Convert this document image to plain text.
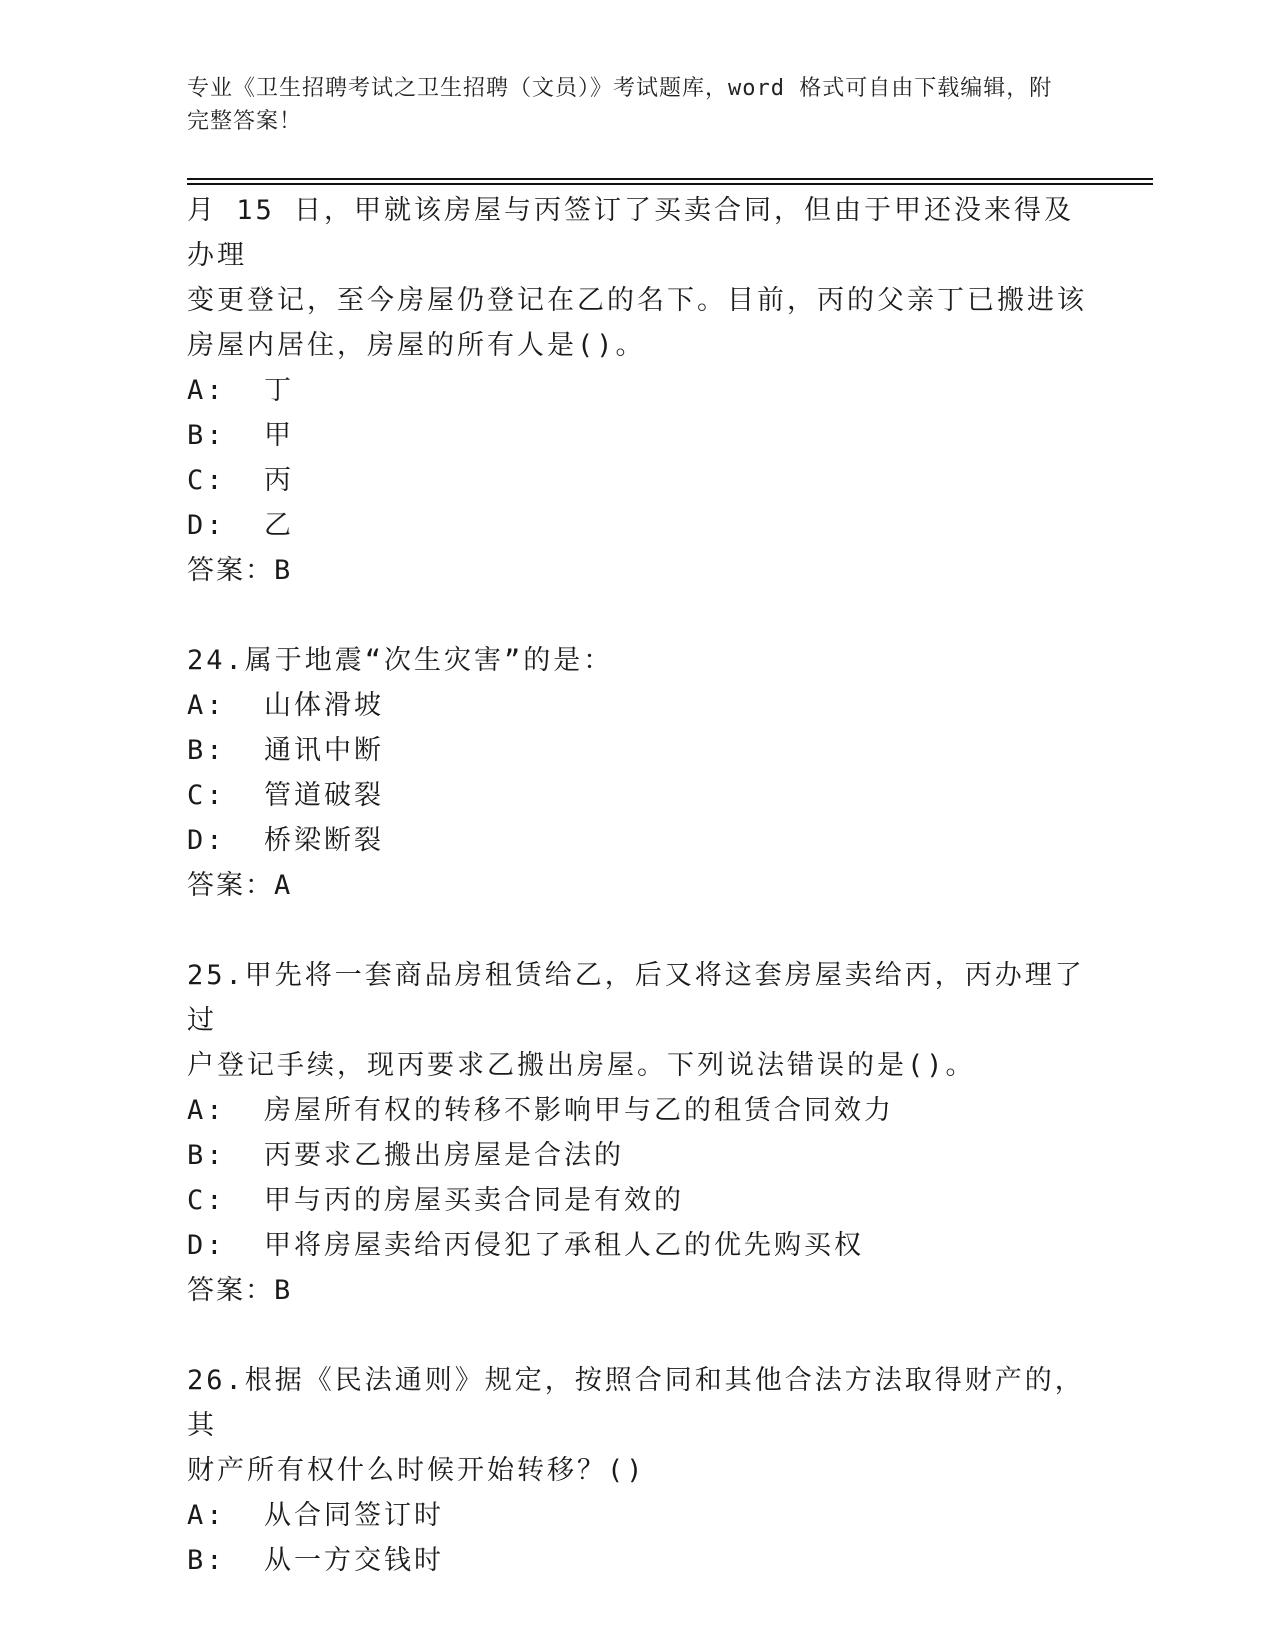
专业《卫生招聘考试之卫生招聘（文员）》考试题库，word 格式可自由下载编辑，附完整答案！

月 15 日，甲就该房屋与丙签订了买卖合同，但由于甲还没来得及办理

变更登记，至今房屋仍登记在乙的名下。目前，丙的父亲丁已搬进该

房屋内居住，房屋的所有人是()。

A:  丁

B:  甲

C:  丙

D:  乙

答案：B

24.属于地震“次生灾害”的是：

A:  山体滑坡

B:  通讯中断

C:  管道破裂

D:  桥梁断裂

答案：A

25.甲先将一套商品房租赁给乙，后又将这套房屋卖给丙，丙办理了过

户登记手续，现丙要求乙搬出房屋。下列说法错误的是()。

A:  房屋所有权的转移不影响甲与乙的租赁合同效力

B:  丙要求乙搬出房屋是合法的

C:  甲与丙的房屋买卖合同是有效的

D:  甲将房屋卖给丙侵犯了承租人乙的优先购买权

答案：B

26.根据《民法通则》规定，按照合同和其他合法方法取得财产的，其

财产所有权什么时候开始转移？()

A:  从合同签订时

B:  从一方交钱时
